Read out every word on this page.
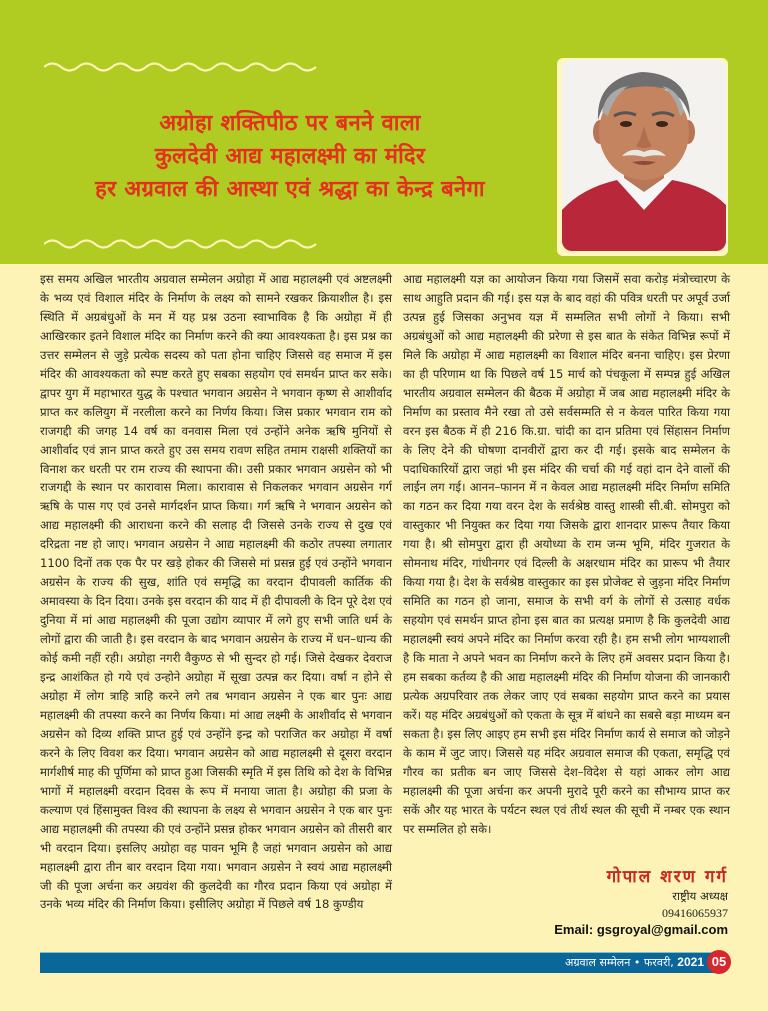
अग्रोहा शक्तिपीठ पर बनने वाला
कुलदेवी आद्य महालक्ष्मी का मंदिर
हर अग्रवाल की आस्था एवं श्रद्धा का केन्द्र बनेगा

इस समय अखिल भारतीय अग्रवाल सम्मेलन अग्रोहा में आद्य महालक्ष्मी एवं अष्टलक्ष्मी के भव्य एवं विशाल मंदिर के निर्माण के लक्ष्य को सामने रखकर क्रियाशील है। इस स्थिति में अग्रबंधुओं के मन में यह प्रश्न उठना स्वाभाविक है कि अग्रोहा में ही आखिरकार इतने विशाल मंदिर का निर्माण करने की क्या आवश्यकता है। इस प्रश्न का उत्तर सम्मेलन से जुड़े प्रत्येक सदस्य को पता होना चाहिए जिससे वह समाज में इस मंदिर की आवश्यकता को स्पष्ट करते हुए सबका सहयोग एवं समर्थन प्राप्त कर सके। द्वापर युग में महाभारत युद्ध के पश्चात भगवान अग्रसेन ने भगवान कृष्ण से आशीर्वाद प्राप्त कर कलियुग में नरलीला करने का निर्णय किया। जिस प्रकार भगवान राम को राजगद्दी की जगह 14 वर्ष का वनवास मिला एवं उन्होंने अनेक ऋषि मुनियों से आशीर्वाद एवं ज्ञान प्राप्त करते हुए उस समय रावण सहित तमाम राक्षसी शक्तियों का विनाश कर धरती पर राम राज्य की स्थापना की। उसी प्रकार भगवान अग्रसेन को भी राजगद्दी के स्थान पर कारावास मिला। कारावास से निकलकर भगवान अग्रसेन गर्ग ऋषि के पास गए एवं उनसे मार्गदर्शन प्राप्त किया। गर्ग ऋषि ने भगवान अग्रसेन को आद्य महालक्ष्मी की आराधना करने की सलाह दी जिससे उनके राज्य से दुख एवं दरिद्रता नष्ट हो जाए। भगवान अग्रसेन ने आद्य महालक्ष्मी की कठोर तपस्या लगातार 1100 दिनों तक एक पैर पर खड़े होकर की जिससे मां प्रसन्न हुई एवं उन्होंने भगवान अग्रसेन के राज्य की सुख, शांति एवं समृद्धि का वरदान दीपावली कार्तिक की अमावस्या के दिन दिया। उनके इस वरदान की याद में ही दीपावली के दिन पूरे देश एवं दुनिया में मां आद्य महालक्ष्मी की पूजा उद्योग व्यापार में लगे हुए सभी जाति धर्म के लोगों द्वारा की जाती है। इस वरदान के बाद भगवान अग्रसेन के राज्य में धन–धान्य की कोई कमी नहीं रही। अग्रोहा नगरी वैकुण्ठ से भी सुन्दर हो गई। जिसे देखकर देवराज इन्द्र आशंकित हो गये एवं उन्होने अग्रोहा में सूखा उत्पन्न कर दिया। वर्षा न होने से अग्रोहा में लोग त्राहि त्राहि करने लगे तब भगवान अग्रसेन ने एक बार पुनः आद्य महालक्ष्मी की तपस्या करने का निर्णय किया। मां आद्य लक्ष्मी के आशीर्वाद से भगवान अग्रसेन को दिव्य शक्ति प्राप्त हुई एवं उन्होंने इन्द्र को पराजित कर अग्रोहा में वर्षा करने के लिए विवश कर दिया। भगवान अग्रसेन को आद्य महालक्ष्मी से दूसरा वरदान मार्गशीर्ष माह की पूर्णिमा को प्राप्त हुआ जिसकी स्मृति में इस तिथि को देश के विभिन्न भागों में महालक्ष्मी वरदान दिवस के रूप में मनाया जाता है। अग्रोहा की प्रजा के कल्याण एवं हिंसामुक्त विश्व की स्थापना के लक्ष्य से भगवान अग्रसेन ने एक बार पुनः आद्य महालक्ष्मी की तपस्या की एवं उन्होंने प्रसन्न होकर भगवान अग्रसेन को तीसरी बार भी वरदान दिया। इसलिए अग्रोहा वह पावन भूमि है जहां भगवान अग्रसेन को आद्य महालक्ष्मी द्वारा तीन बार वरदान दिया गया। भगवान अग्रसेन ने स्वयं आद्य महालक्ष्मी जी की पूजा अर्चना कर अग्रवंश की कुलदेवी का गौरव प्रदान किया एवं अग्रोहा में उनके भव्य मंदिर की निर्माण किया। इसीलिए अग्रोहा में पिछले वर्ष 18 कुण्डीय

आद्य महालक्ष्मी यज्ञ का आयोजन किया गया जिसमें सवा करोड़ मंत्रोच्चारण के साथ आहुति प्रदान की गई। इस यज्ञ के बाद वहां की पवित्र धरती पर अपूर्व उर्जा उत्पन्न हुई जिसका अनुभव यज्ञ में सम्मलित सभी लोगों ने किया। सभी अग्रबंधुओं को आद्य महालक्ष्मी की प्ररेणा से इस बात के संकेत विभिन्न रूपों में मिले कि अग्रोहा में आद्य महालक्ष्मी का विशाल मंदिर बनना चाहिए। इस प्रेरणा का ही परिणाम था कि पिछले वर्ष 15 मार्च को पंचकूला में सम्पन्न हुई अखिल भारतीय अग्रवाल सम्मेलन की बैठक में अग्रोहा में जब आद्य महालक्ष्मी मंदिर के निर्माण का प्रस्ताव मैने रखा तो उसे सर्वसम्मति से न केवल पारित किया गया वरन इस बैठक में ही 216 कि.ग्रा. चांदी का दान प्रतिमा एवं सिंहासन निर्माण के लिए देने की घोषणा दानवीरों द्वारा कर दी गई। इसके बाद सम्मेलन के पदाधिकारियों द्वारा जहां भी इस मंदिर की चर्चा की गई वहां दान देने वालों की लाईन लग गई। आनन–फानन में न केवल आद्य महालक्ष्मी मंदिर निर्माण समिति का गठन कर दिया गया वरन देश के सर्वश्रेष्ठ वास्तु शास्त्री सी.बी. सोमपुरा को वास्तुकार भी नियुक्त कर दिया गया जिसके द्वारा शानदार प्रारूप तैयार किया गया है। श्री सोमपुरा द्वारा ही अयोध्या के राम जन्म भूमि, मंदिर गुजरात के सोमनाथ मंदिर, गांधीनगर एवं दिल्ली के अक्षरधाम मंदिर का प्रारूप भी तैयार किया गया है। देश के सर्वश्रेष्ठ वास्तुकार का इस प्रोजेक्ट से जुड़ना मंदिर निर्माण समिति का गठन हो जाना, समाज के सभी वर्ग के लोगों से उत्साह वर्धक सहयोग एवं समर्थन प्राप्त होना इस बात का प्रत्यक्ष प्रमाण है कि कुलदेवी आद्य महालक्ष्मी स्वयं अपने मंदिर का निर्माण करवा रही है। हम सभी लोग भाग्यशाली है कि माता ने अपने भवन का निर्माण करने के लिए हमें अवसर प्रदान किया है। हम सबका कर्तव्य है की आद्य महालक्ष्मी मंदिर की निर्माण योजना की जानकारी प्रत्येक अग्रपरिवार तक लेकर जाए एवं सबका सहयोग प्राप्त करने का प्रयास करें। यह मंदिर अग्रबंधुओं को एकता के सूत्र में बांधने का सबसे बड़ा माध्यम बन सकता है। इस लिए आइए हम सभी इस मंदिर निर्माण कार्य से समाज को जोड़ने के काम में जुट जाए। जिससे यह मंदिर अग्रवाल समाज की एकता, समृद्धि एवं गौरव का प्रतीक बन जाए जिससे देश–विदेश से यहां आकर लोग आद्य महालक्ष्मी की पूजा अर्चना कर अपनी मुरादे पूरी करने का सौभाग्य प्राप्त कर सकें और यह भारत के पर्यटन स्थल एवं तीर्थ स्थल की सूची में नम्बर एक स्थान पर सम्मलित हो सके।

गोपाल शरण गर्ग
राष्ट्रीय अध्यक्ष
09416065937
Email: gsgroyal@gmail.com
अग्रवाल सम्मेलन • फरवरी, 2021 05
